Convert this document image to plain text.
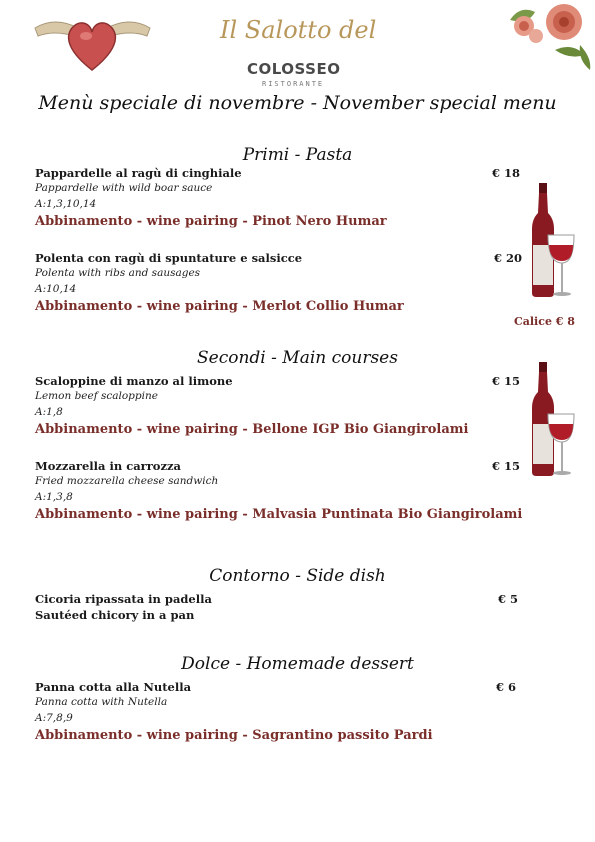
Il Salotto del
COLOSSEO
RISTORANTE
Menù speciale di novembre - November special menu
Primi - Pasta
Pappardelle al ragù di cinghiale	€ 18
Pappardelle with wild boar sauce
A:1,3,10,14
Abbinamento - wine pairing - Pinot Nero Humar
Polenta con ragù di spuntature e salsicce	€ 20
Polenta with ribs and sausages
A:10,14
Abbinamento - wine pairing - Merlot Collio Humar
Calice € 8
Secondi - Main courses
Scaloppine di manzo al limone	€ 15
Lemon beef scaloppine
A:1,8
Abbinamento - wine pairing - Bellone IGP Bio Giangirolami
Mozzarella in carrozza	€ 15
Fried mozzarella cheese sandwich
A:1,3,8
Abbinamento - wine pairing - Malvasia Puntinata Bio Giangirolami
Contorno - Side dish
Cicoria ripassata in padella	€ 5
Sautéed chicory in a pan
Dolce - Homemade dessert
Panna cotta alla Nutella	€ 6
Panna cotta with Nutella
A:7,8,9
Abbinamento - wine pairing - Sagrantino passito Pardi
